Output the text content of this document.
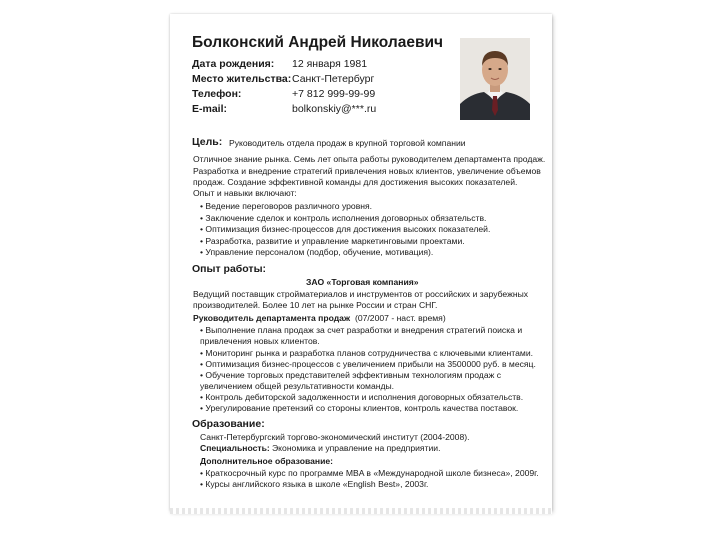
Болконский Андрей Николаевич
Дата рождения: 12 января 1981
Место жительства: Санкт-Петербург
Телефон:	+7 812 999-99-99
E-mail:	bolkonskiy@***.ru
Цель: Руководитель отдела продаж в крупной торговой компании
Отличное знание рынка. Семь лет опыта работы руководителем департамента продаж.
Разработка и внедрение стратегий привлечения новых клиентов, увеличение объемов
продаж. Создание эффективной команды для достижения высоких показателей.
Опыт и навыки включают:
• Ведение переговоров различного уровня.
• Заключение сделок и контроль исполнения договорных обязательств.
• Оптимизация бизнес-процессов для достижения высоких показателей.
• Разработка, развитие и управление маркетинговыми проектами.
• Управление персоналом (подбор, обучение, мотивация).
Опыт работы:
ЗАО «Торговая компания»
Ведущий поставщик стройматериалов и инструментов от российских и зарубежных
производителей. Более 10 лет на рынке России и стран СНГ.
Руководитель департамента продаж (07/2007 - наст. время)
• Выполнение плана продаж за счет разработки и внедрения стратегий поиска и
привлечения новых клиентов.
• Мониторинг рынка и разработка планов сотрудничества с ключевыми клиентами.
• Оптимизация бизнес-процессов с увеличением прибыли на 3500000 руб. в месяц.
• Обучение торговых представителей эффективным технологиям продаж с
увеличением общей результативности команды.
• Контроль дебиторской задолженности и исполнения договорных обязательств.
• Урегулирование претензий со стороны клиентов, контроль качества поставок.
Образование:
Санкт-Петербургский торгово-экономический институт (2004-2008).
Специальность: Экономика и управление на предприятии.
Дополнительное образование:
• Краткосрочный курс по программе MBA в «Международной школе бизнеса», 2009г.
• Курсы английского языка в школе «English Best», 2003г.
